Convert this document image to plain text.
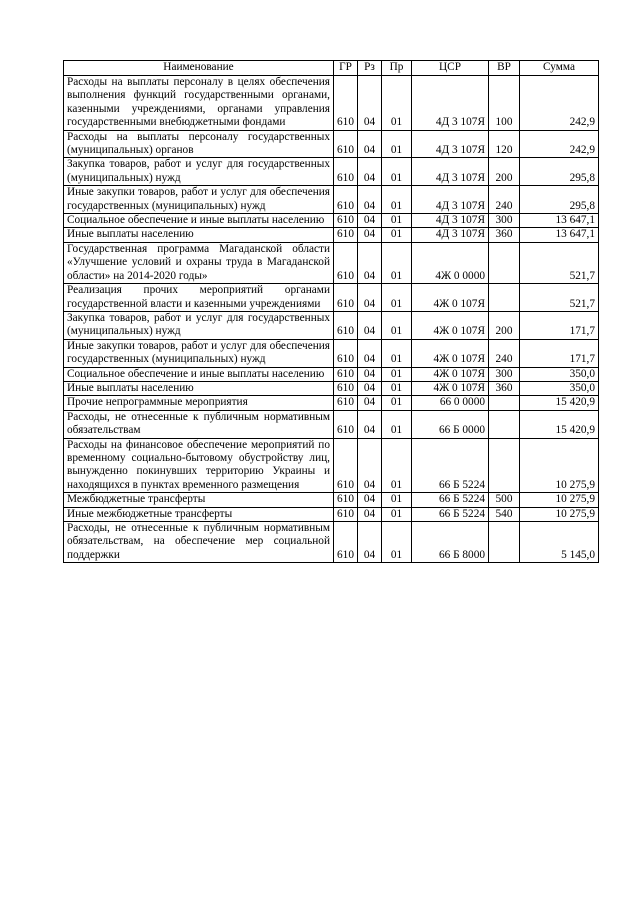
Наименование	ГР	Рз	Пр	ЦСР	ВР	Сумма
Расходы на выплаты персоналу в целях обеспечения выполнения функций государственными органами, казенными учреждениями, органами управления государственными внебюджетными фондами	610	04	01	4Д 3 107Я	100	242,9
Расходы на выплаты персоналу государственных (муниципальных) органов	610	04	01	4Д 3 107Я	120	242,9
Закупка товаров, работ и услуг для государственных (муниципальных) нужд	610	04	01	4Д 3 107Я	200	295,8
Иные закупки товаров, работ и услуг для обеспечения государственных (муниципальных) нужд	610	04	01	4Д 3 107Я	240	295,8
Социальное обеспечение и иные выплаты населению	610	04	01	4Д 3 107Я	300	13 647,1
Иные выплаты населению	610	04	01	4Д 3 107Я	360	13 647,1
Государственная программа Магаданской области «Улучшение условий и охраны труда в Магаданской области» на 2014-2020 годы»	610	04	01	4Ж 0 0000		521,7
Реализация прочих мероприятий органами государственной власти и казенными учреждениями	610	04	01	4Ж 0 107Я		521,7
Закупка товаров, работ и услуг для государственных (муниципальных) нужд	610	04	01	4Ж 0 107Я	200	171,7
Иные закупки товаров, работ и услуг для обеспечения государственных (муниципальных) нужд	610	04	01	4Ж 0 107Я	240	171,7
Социальное обеспечение и иные выплаты населению	610	04	01	4Ж 0 107Я	300	350,0
Иные выплаты населению	610	04	01	4Ж 0 107Я	360	350,0
Прочие непрограммные мероприятия	610	04	01	66 0 0000		15 420,9
Расходы, не отнесенные к публичным нормативным обязательствам	610	04	01	66 Б 0000		15 420,9
Расходы на финансовое обеспечение мероприятий по временному социально-бытовому обустройству лиц, вынужденно покинувших территорию Украины и находящихся в пунктах временного размещения	610	04	01	66 Б 5224		10 275,9
Межбюджетные трансферты	610	04	01	66 Б 5224	500	10 275,9
Иные межбюджетные трансферты	610	04	01	66 Б 5224	540	10 275,9
Расходы, не отнесенные к публичным нормативным обязательствам, на обеспечение мер социальной поддержки	610	04	01	66 Б 8000		5 145,0
